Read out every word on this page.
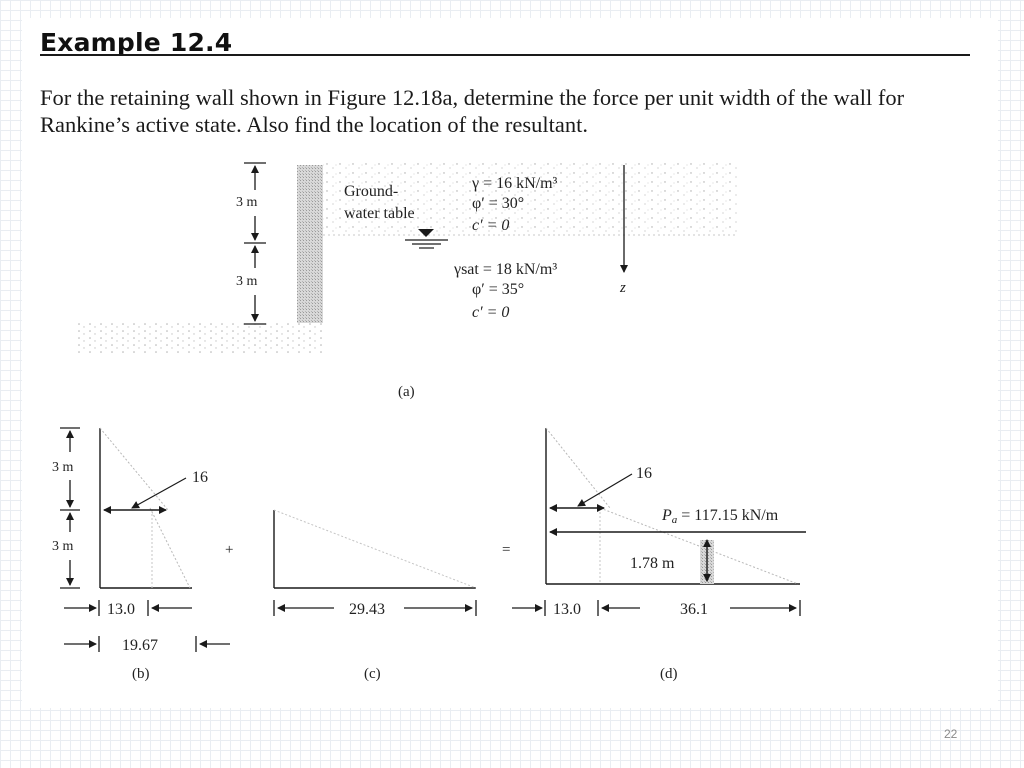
Example 12.4

For the retaining wall shown in Figure 12.18a, determine the force per unit width of the wall for Rankine’s active state. Also find the location of the resultant.

3 m
3 m
Ground-
water table
γ = 16 kN/m³
φ′ = 30°
c′ = 0
γsat = 18 kN/m³
φ′ = 35°
c′ = 0
z
(a)
16
3 m
3 m
13.0
19.67
(b)
+
29.43
(c)
=
16
Pa = 117.15 kN/m
1.78 m
13.0	36.1
(d)
22
